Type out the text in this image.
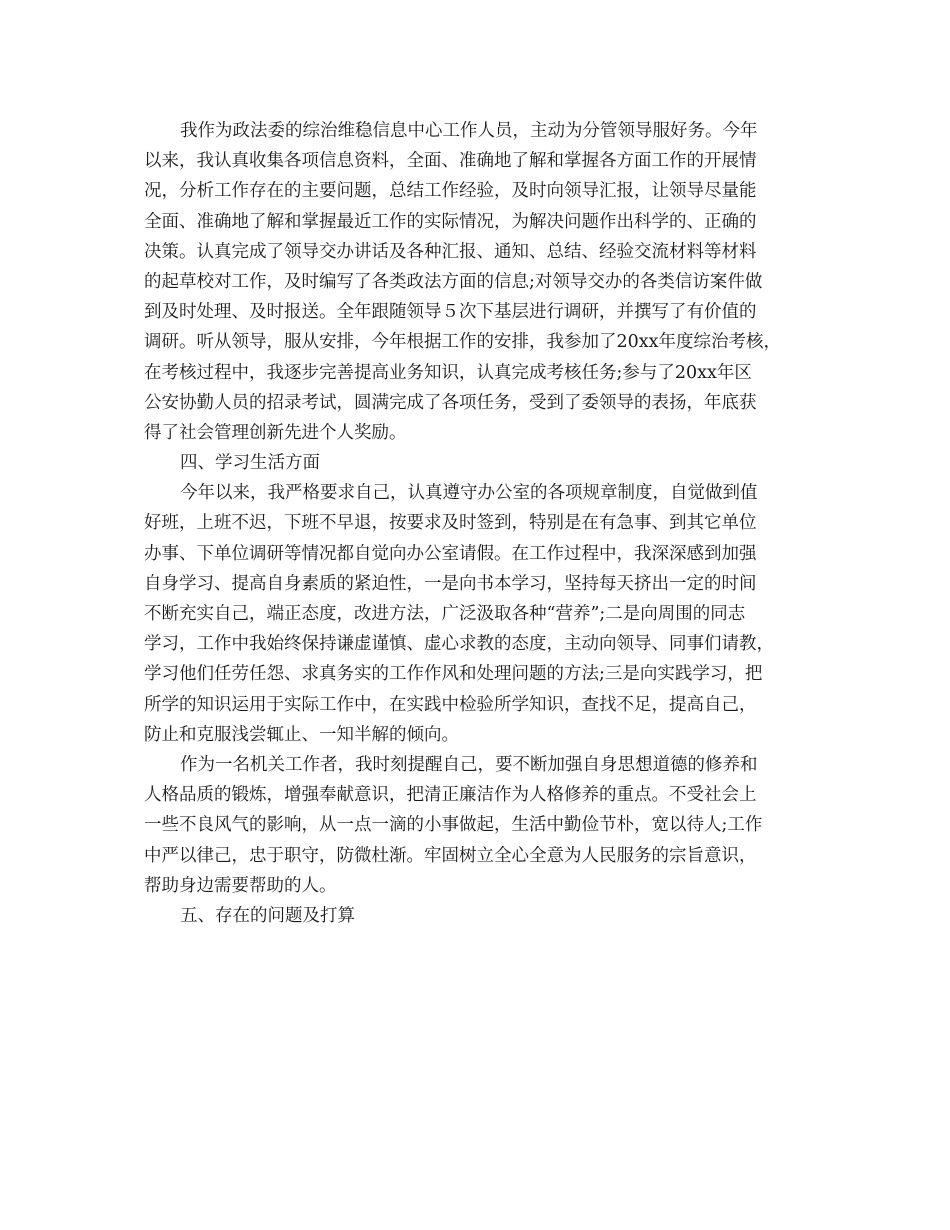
我作为政法委的综治维稳信息中心工作人员，主动为分管领导服好务。今年
以来，我认真收集各项信息资料，全面、准确地了解和掌握各方面工作的开展情
况，分析工作存在的主要问题，总结工作经验，及时向领导汇报，让领导尽量能
全面、准确地了解和掌握最近工作的实际情况，为解决问题作出科学的、正确的
决策。认真完成了领导交办讲话及各种汇报、通知、总结、经验交流材料等材料
的起草校对工作，及时编写了各类政法方面的信息;对领导交办的各类信访案件做
到及时处理、及时报送。全年跟随领导５次下基层进行调研，并撰写了有价值的
调研。听从领导，服从安排，今年根据工作的安排，我参加了20xx年度综治考核，
在考核过程中，我逐步完善提高业务知识，认真完成考核任务;参与了20xx年区
公安协勤人员的招录考试，圆满完成了各项任务，受到了委领导的表扬，年底获
得了社会管理创新先进个人奖励。
四、学习生活方面
今年以来，我严格要求自己，认真遵守办公室的各项规章制度，自觉做到值
好班，上班不迟，下班不早退，按要求及时签到，特别是在有急事、到其它单位
办事、下单位调研等情况都自觉向办公室请假。在工作过程中，我深深感到加强
自身学习、提高自身素质的紧迫性，一是向书本学习，坚持每天挤出一定的时间
不断充实自己，端正态度，改进方法，广泛汲取各种“营养”;二是向周围的同志
学习，工作中我始终保持谦虚谨慎、虚心求教的态度，主动向领导、同事们请教，
学习他们任劳任怨、求真务实的工作作风和处理问题的方法;三是向实践学习，把
所学的知识运用于实际工作中，在实践中检验所学知识，查找不足，提高自己，
防止和克服浅尝辄止、一知半解的倾向。
作为一名机关工作者，我时刻提醒自己，要不断加强自身思想道德的修养和
人格品质的锻炼，增强奉献意识，把清正廉洁作为人格修养的重点。不受社会上
一些不良风气的影响，从一点一滴的小事做起，生活中勤俭节朴，宽以待人;工作
中严以律己，忠于职守，防微杜渐。牢固树立全心全意为人民服务的宗旨意识，
帮助身边需要帮助的人。
五、存在的问题及打算
